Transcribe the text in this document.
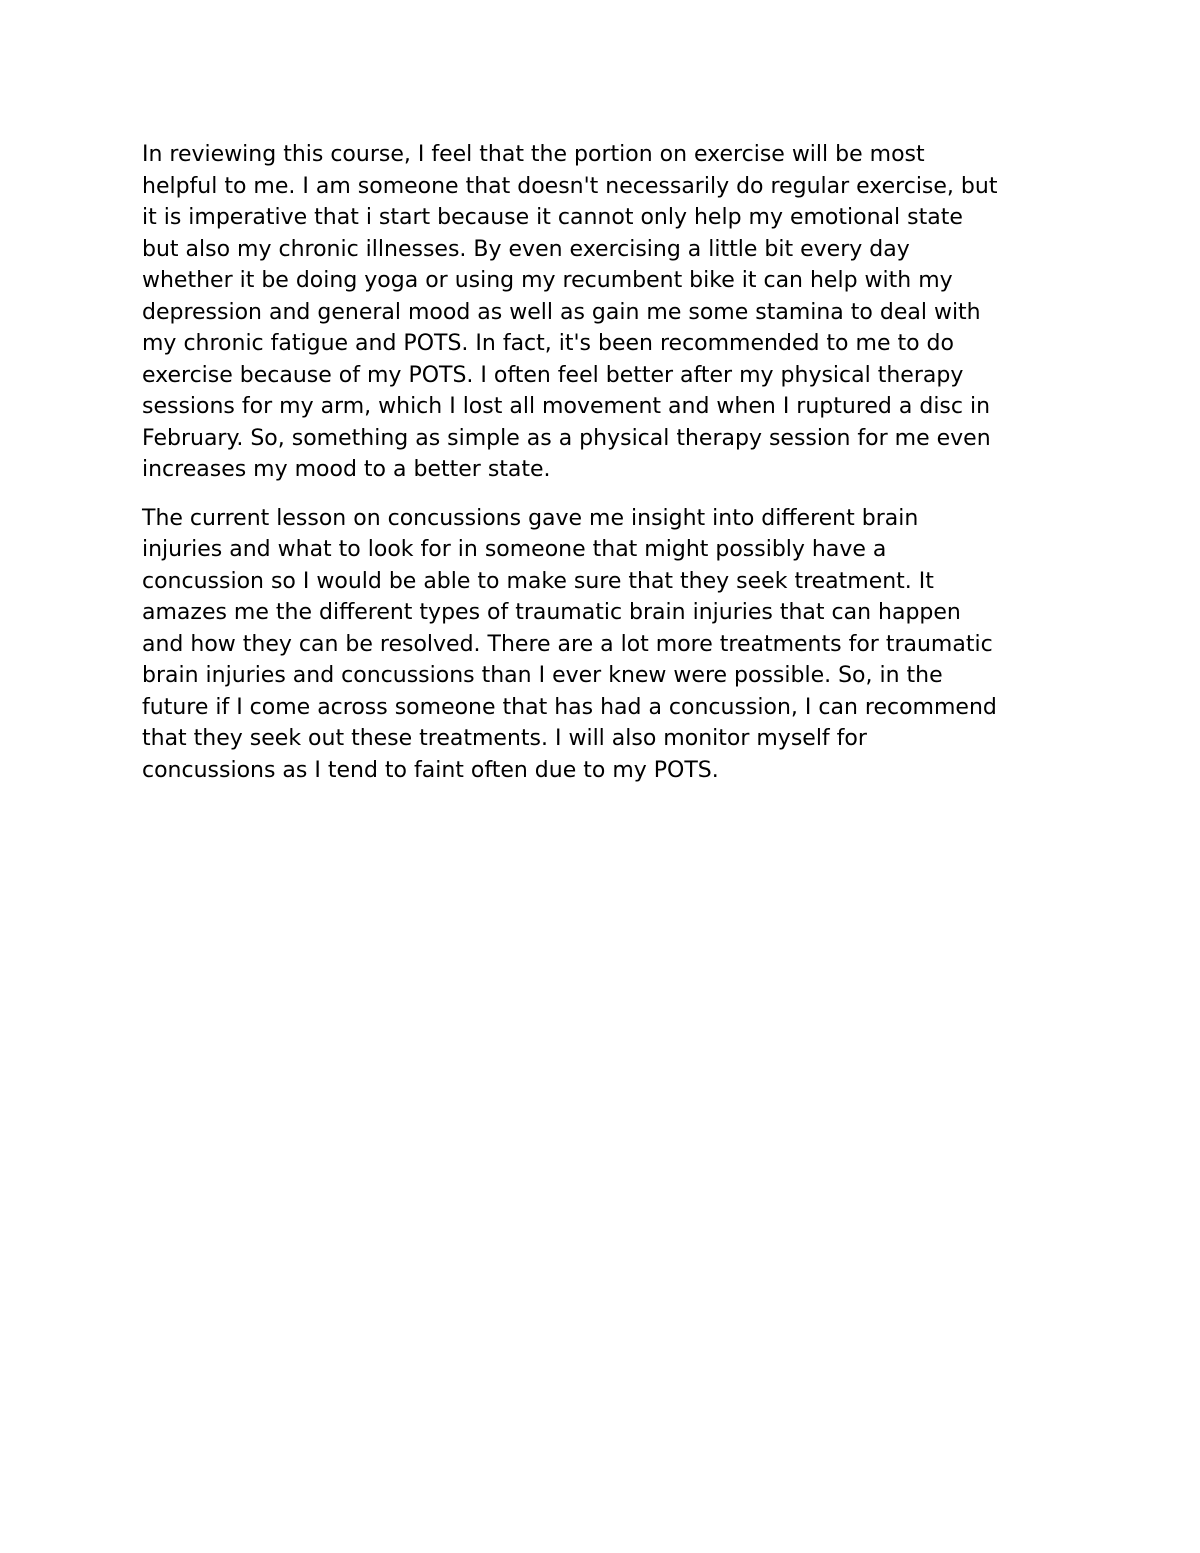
In reviewing this course, I feel that the portion on exercise will be most
helpful to me. I am someone that doesn't necessarily do regular exercise, but
it is imperative that i start because it cannot only help my emotional state
but also my chronic illnesses. By even exercising a little bit every day
whether it be doing yoga or using my recumbent bike it can help with my
depression and general mood as well as gain me some stamina to deal with
my chronic fatigue and POTS. In fact, it's been recommended to me to do
exercise because of my POTS. I often feel better after my physical therapy
sessions for my arm, which I lost all movement and when I ruptured a disc in
February. So, something as simple as a physical therapy session for me even
increases my mood to a better state.

The current lesson on concussions gave me insight into different brain
injuries and what to look for in someone that might possibly have a
concussion so I would be able to make sure that they seek treatment. It
amazes me the different types of traumatic brain injuries that can happen
and how they can be resolved. There are a lot more treatments for traumatic
brain injuries and concussions than I ever knew were possible. So, in the
future if I come across someone that has had a concussion, I can recommend
that they seek out these treatments. I will also monitor myself for
concussions as I tend to faint often due to my POTS.
